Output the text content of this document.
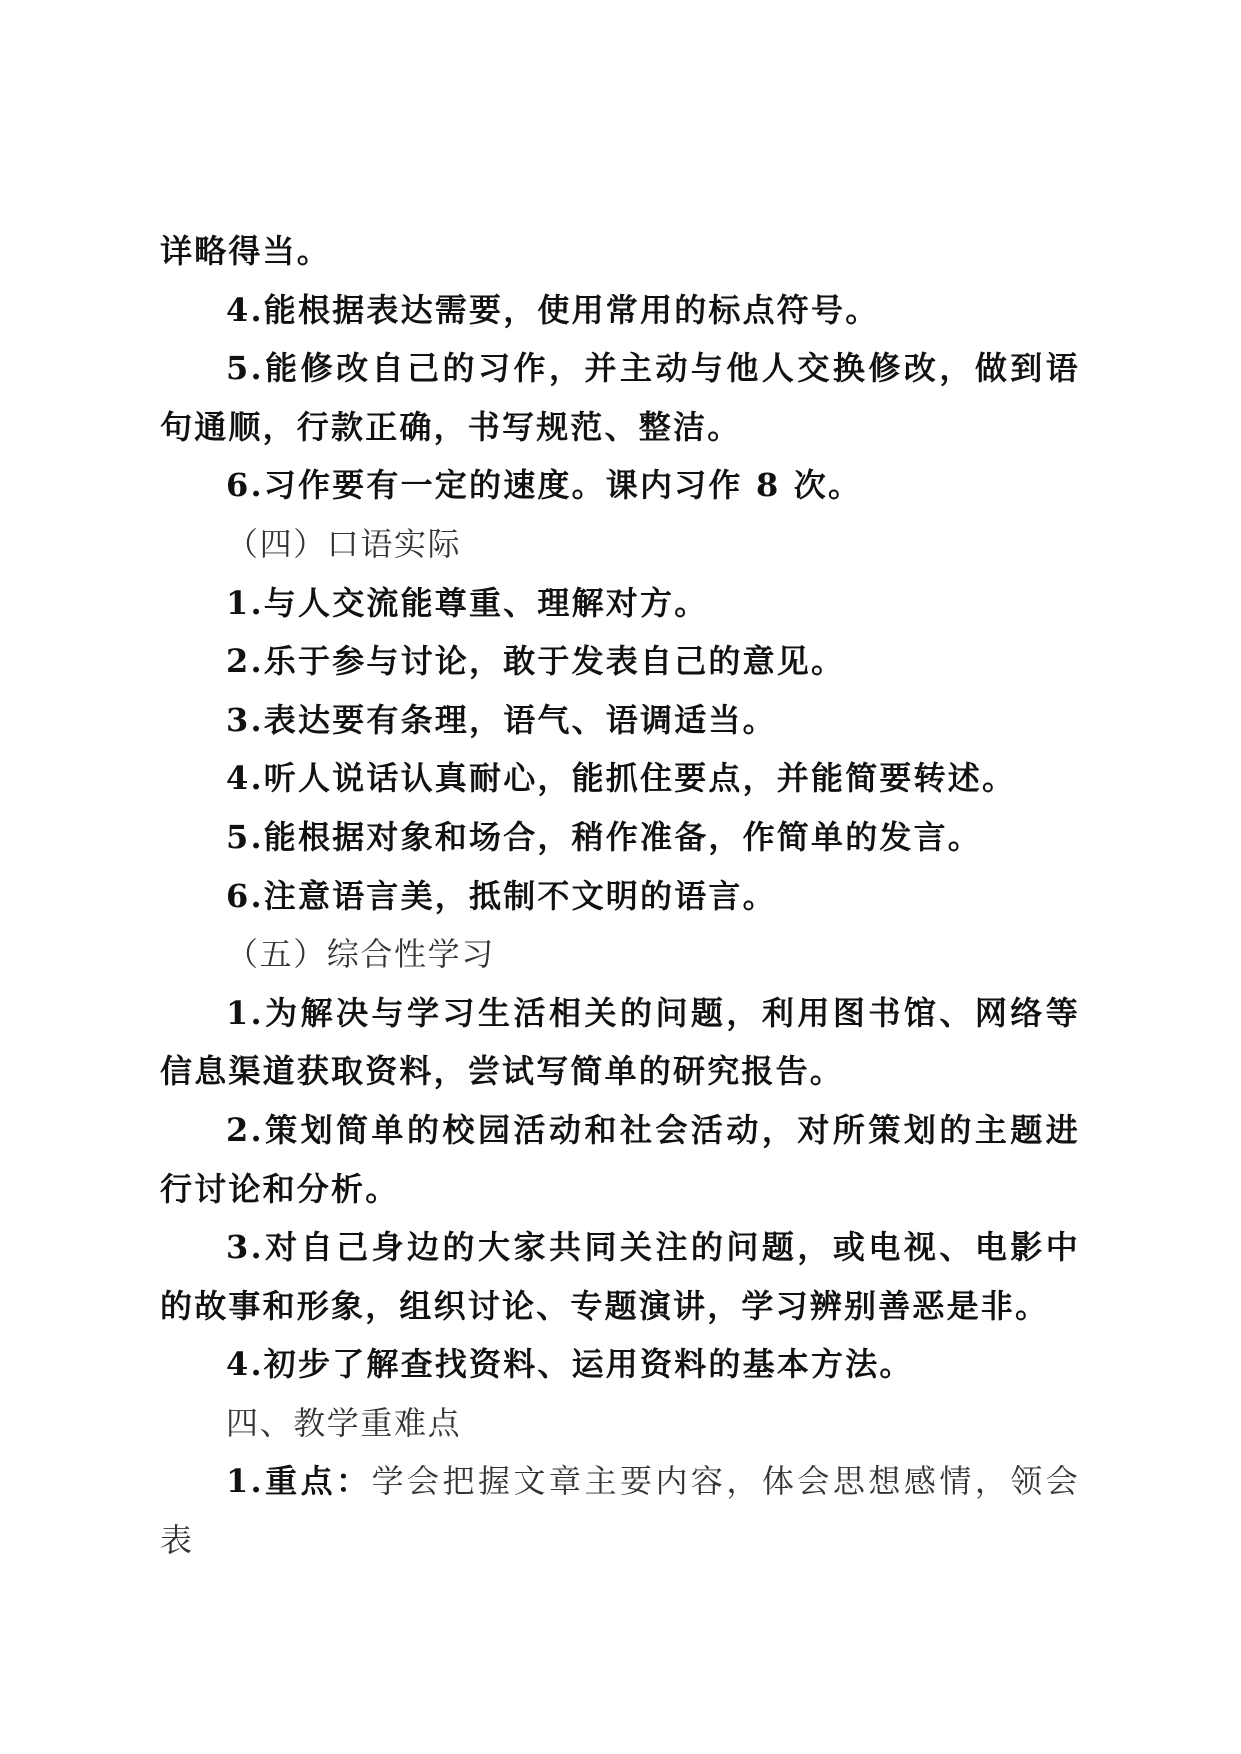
详略得当。

4.能根据表达需要，使用常用的标点符号。

5.能修改自己的习作，并主动与他人交换修改，做到语句通顺，行款正确，书写规范、整洁。

6.习作要有一定的速度。课内习作 8 次。

（四）口语实际

1.与人交流能尊重、理解对方。

2.乐于参与讨论，敢于发表自己的意见。

3.表达要有条理，语气、语调适当。

4.听人说话认真耐心，能抓住要点，并能简要转述。

5.能根据对象和场合，稍作准备，作简单的发言。

6.注意语言美，抵制不文明的语言。

（五）综合性学习

1.为解决与学习生活相关的问题，利用图书馆、网络等信息渠道获取资料，尝试写简单的研究报告。

2.策划简单的校园活动和社会活动，对所策划的主题进行讨论和分析。

3.对自己身边的大家共同关注的问题，或电视、电影中的故事和形象，组织讨论、专题演讲，学习辨别善恶是非。

4.初步了解查找资料、运用资料的基本方法。

四、教学重难点

1.重点：学会把握文章主要内容，体会思想感情，领会表
